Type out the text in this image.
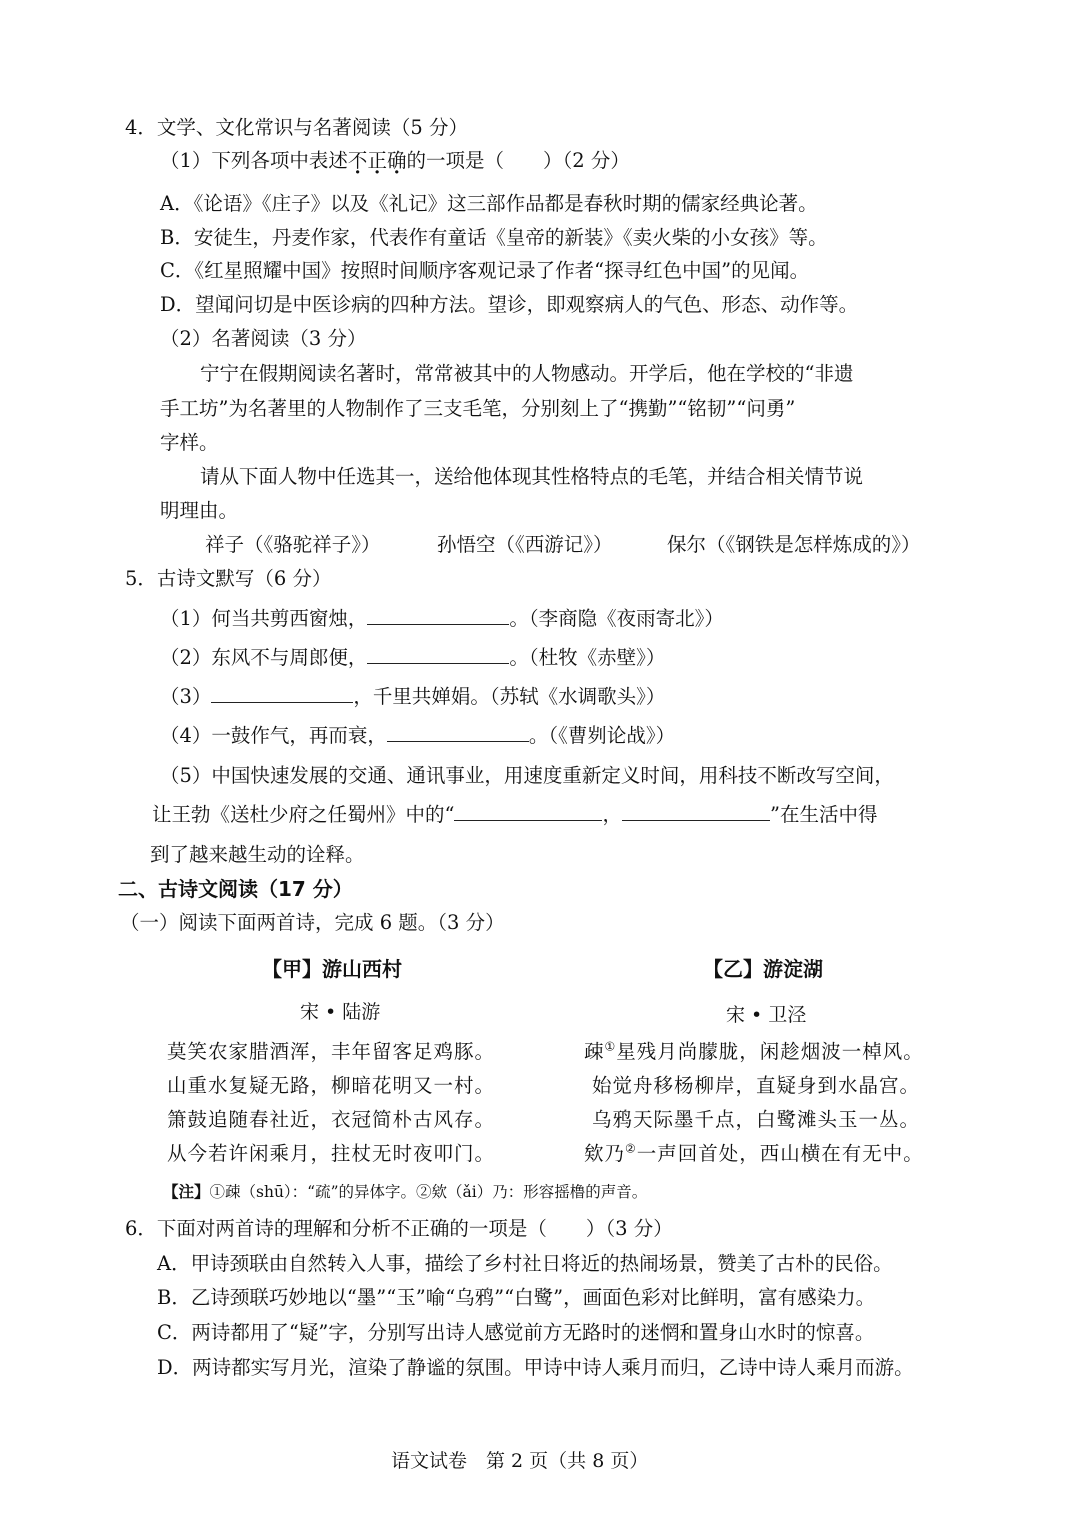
4．文学、文化常识与名著阅读（5 分）
（1）下列各项中表述不正确的一项是（　　）（2 分）
A．《论语》《庄子》以及《礼记》这三部作品都是春秋时期的儒家经典论著。
B．安徒生，丹麦作家，代表作有童话《皇帝的新装》《卖火柴的小女孩》等。
C．《红星照耀中国》按照时间顺序客观记录了作者“探寻红色中国”的见闻。
D．望闻问切是中医诊病的四种方法。望诊，即观察病人的气色、形态、动作等。
（2）名著阅读（3 分）
宁宁在假期阅读名著时，常常被其中的人物感动。开学后，他在学校的“非遗
手工坊”为名著里的人物制作了三支毛笔，分别刻上了“携勤”“铭韧”“问勇”
字样。
请从下面人物中任选其一，送给他体现其性格特点的毛笔，并结合相关情节说
明理由。
祥子（《骆驼祥子》）	孙悟空（《西游记》）	保尔（《钢铁是怎样炼成的》）
5．古诗文默写（6 分）
（1）何当共剪西窗烛，	。（李商隐《夜雨寄北》）
（2）东风不与周郎便，	。（杜牧《赤壁》）
（3）	，千里共婵娟。（苏轼《水调歌头》）
（4）一鼓作气，再而衰，	。（《曹刿论战》）
（5）中国快速发展的交通、通讯事业，用速度重新定义时间，用科技不断改写空间，
让王勃《送杜少府之任蜀州》中的“	，	”在生活中得
到了越来越生动的诠释。
二、古诗文阅读（17 分）
（一）阅读下面两首诗，完成 6 题。（3 分）
【甲】游山西村
宋 • 陆游
莫笑农家腊酒浑，丰年留客足鸡豚。
山重水复疑无路，柳暗花明又一村。
箫鼓追随春社近，衣冠简朴古风存。
从今若许闲乘月，拄杖无时夜叩门。
【乙】游淀湖
宋 • 卫泾
疎①星残月尚朦胧，闲趁烟波一棹风。
始觉舟移杨柳岸，直疑身到水晶宫。
乌鸦天际墨千点，白鹭滩头玉一丛。
欸乃②一声回首处，西山横在有无中。
【注】①疎（shū）：“疏”的异体字。②欸（ǎi）乃：形容摇橹的声音。
6．下面对两首诗的理解和分析不正确的一项是（　　）（3 分）
A．甲诗颈联由自然转入人事，描绘了乡村社日将近的热闹场景，赞美了古朴的民俗。
B．乙诗颈联巧妙地以“墨”“玉”喻“乌鸦”“白鹭”，画面色彩对比鲜明，富有感染力。
C．两诗都用了“疑”字，分别写出诗人感觉前方无路时的迷惘和置身山水时的惊喜。
D．两诗都实写月光，渲染了静谧的氛围。甲诗中诗人乘月而归，乙诗中诗人乘月而游。
语文试卷　第 2 页（共 8 页）
